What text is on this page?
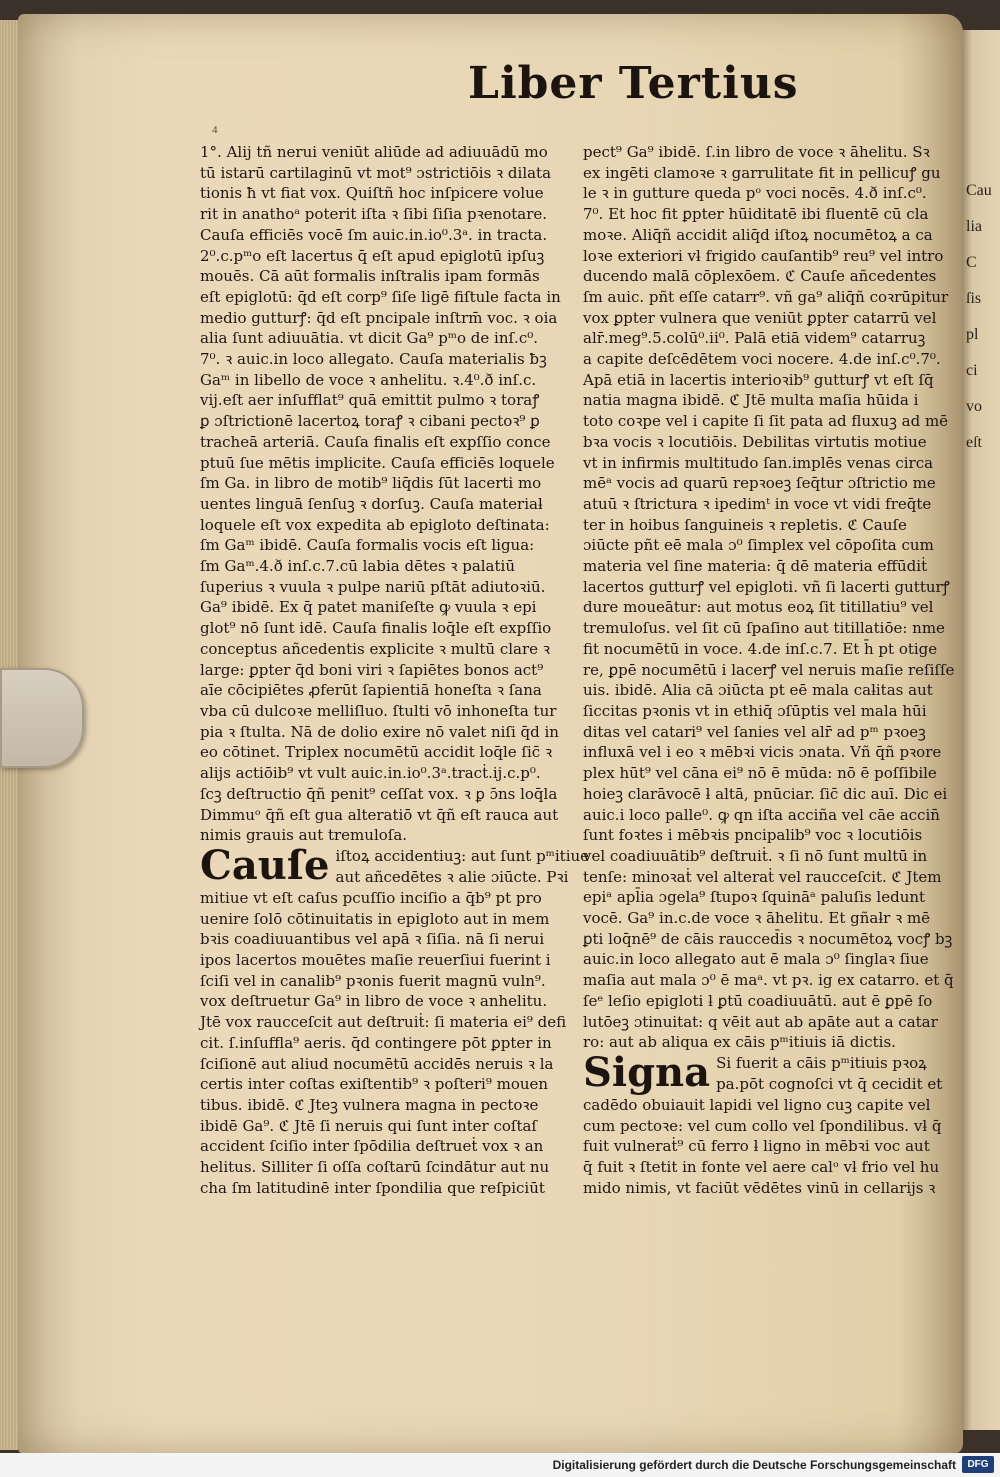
Cau
lia
C
ſis
pl
ci
vo
eſt
Liber Tertius
4
1°. Alij tñ nerui veniūt aliūde ad adiuuādū mo
tū istarū cartilaginū vt mot⁹ ɔstrictiōis ꝛ dilata
tionis ħ vt fiat vox. Quiſtñ hoc inſpicere volue
rit in anathoᵃ poterit iſta ꝛ ſibi ſiſia pꝛenotare.
Cauſa efficiēs vocē ſm auic.in.io⁰.3ᵃ. in tracta.
2⁰.c.pᵐo eſt lacertus q̄ eſt apud epiglotū ipſuꝫ
mouēs. Cā aūt formalis inſtralis ipam formās
eſt epiglotū: q̄d eſt corp⁹ ſiſe ligē fiſtule facta in
medio gutturꝭ: q̄d eſt pncipale inſtrm̄ voc. ꝛ oia
alia ſunt adiuuātia. vt dicit Ga⁹ pᵐo de inſ.c⁰.
7⁰. ꝛ auic.in loco allegato. Cauſa materialis ƀꝫ
Gaᵐ in libello de voce ꝛ anhelitu. ꝛ.4⁰.ð inſ.c.
vij.eſt aer inſufflat⁹ quā emittit pulmo ꝛ toraꝭ
ꝑ ɔſtrictionē lacertoꝝ toraꝭ ꝛ cibani pectoꝛ⁹ ꝑ
tracheā arteriā. Cauſa finalis eſt expſſio conce
ptuū ſue mētis implicite. Cauſa efficiēs loquele
ſm Ga. in libro de motib⁹ liq̄dis ſūt lacerti mo
uentes linguā ſenſuꝫ ꝛ dorſuꝫ. Cauſa materiaƚ
loquele eſt vox expedita ab epigloto deſtinata:
ſm Gaᵐ ibidē. Cauſa formalis vocis eſt ligua:
ſm Gaᵐ.4.ð inſ.c.7.cū labia dētes ꝛ palatiū
ſuperius ꝛ vuula ꝛ pulpe nariū pſtāt adiutoꝛiū.
Ga⁹ ibidē. Ex q̄ patet maniſeſte ꝙ vuula ꝛ epi
glot⁹ nō ſunt idē. Cauſa finalis loq̄le eſt expſſio
conceptus añcedentis explicite ꝛ multū clare ꝛ
large: ꝑpter q̄d boni viri ꝛ ſapiētes bonos act⁹
aīe cōcipiētes ꝓferūt ſapientiā honeſta ꝛ ſana
vba cū dulcoꝛe melliſluo. ſtulti vō inhoneſta tur
pia ꝛ ſtulta. Nā de dolio exire nō valet niſi q̄d in
eo cōtinet. Triplex nocumētū accidit loq̄le ſic̄ ꝛ
alijs actiōib⁹ vt vult auic.in.io⁰.3ᵃ.tracṫ.ij.c.p⁰.
ſcꝫ deſtructio q̄ñ penit⁹ ceſſat vox. ꝛ ꝑ ɔ̄ns loq̄la
Dimmuᵒ q̄ñ eſt gua alteratiō vt q̄ñ eſt rauca aut
nimis grauis aut tremuloſa.
Cauſe iſtoꝝ accidentiuꝫ: aut ſunt pᵐitiue
aut añcedētes ꝛ alie ɔiūcte. Pꝛi
mitiue vt eſt caſus pcuſſio inciſio a q̄b⁹ pt pro
uenire ſolō cōtinuitatis in epigloto aut in mem
bꝛis coadiuuantibus vel apā ꝛ ſiſia. nā ſi nerui
ipos lacertos mouētes maſie reuerſiui fuerint i
ſciſi vel in canalib⁹ pꝛonis fuerit magnū vuln⁹.
vox deſtruetur Ga⁹ in libro de voce ꝛ anhelitu.
Jtē vox raucceſcit aut deſtruiṫ: ſi materia ei⁹ defi
cit. ſ.inſuffla⁹ aeris. q̄d contingere pōt ꝑpter in
ſciſionē aut aliud nocumētū accidēs neruis ꝛ la
certis inter coſtas exiſtentib⁹ ꝛ poſteri⁹ mouen
tibus. ibidē. ℭ Jteꝫ vulnera magna in pectoꝛe
ibidē Ga⁹. ℭ Jtē ſi neruis qui ſunt inter coſtaſ
accident ſciſio inter ſpōdilia deſtrueṫ vox ꝛ an
helitus. Silliter ſi oſſa coſtarū ſcindātur aut nu
cha ſm latitudinē inter ſpondilia que reſpiciūt
pect⁹ Ga⁹ ibidē. ſ.in libro de voce ꝛ āhelitu. Sꝛ
ex ingēti clamoꝛe ꝛ garrulitate fit in pellicuꝭ gu
le ꝛ in gutture queda pᵒ voci nocēs. 4.ð inſ.c⁰.
7⁰. Et hoc fit ꝑpter hūiditatē ibi fluentē cū cla
moꝛe. Aliq̄ñ accidit aliq̄d iſtoꝝ nocumētoꝝ a ca
loꝛe exteriori vƚ frigido cauſantib⁹ reu⁹ vel intro
ducendo malā cōplexōem. ℭ Cauſe añcedentes
ſm auic. pñt eſſe catarr⁹. vñ ga⁹ aliq̄ñ coꝛrūpitur
vox ꝑpter vulnera que veniūt ꝑpter catarrū vel
alr̄.meg⁹.5.colū⁰.ii⁰. Palā etiā videm⁹ catarruꝫ
a capite deſcēdētem voci nocere. 4.de inſ.c⁰.7⁰.
Apā etiā in lacertis interioꝛib⁹ gutturꝭ vt eſt ſq̄
natia magna ibidē. ℭ Jtē multa maſia hūida i
toto coꝛpe vel i capite ſi ſit pata ad fluxuꝫ ad mē
bꝛa vocis ꝛ locutiōis. Debilitas virtutis motiue
vt in infirmis multitudo ſan.implēs venas circa
mēᵃ vocis ad quarū repꝛoeꝫ ſeq̄tur ɔſtrictio me
atuū ꝛ ſtrictura ꝛ ipedimᵗ in voce vt vidi freq̄te
ter in hoibus ſanguineis ꝛ repletis. ℭ Cauſe
ɔiūcte pñt eē mala ɔ⁰ ſimplex vel cōpoſita cum
materia vel ſine materia: q̄ dē materia effūdiṫ
lacertos gutturꝭ vel epigloti. vñ ſi lacerti gutturꝭ
dure moueātur: aut motus eoꝝ ſit titillatiu⁹ vel
tremuloſus. vel ſit cū ſpaſino aut titillatiōe: nme
fit nocumētū in voce. 4.de inſ.c.7. Et h̄ pt otige
re, ꝑpē nocumētū i lacerꝭ vel neruis maſie reſiſſe
uis. ibidē. Alia cā ɔiūcta pt eē mala caƚitas aut
ſiccitas pꝛonis vt in ethiq̄ ɔſūptis vel mala hūi
ditas vel catari⁹ vel ſanies vel alr̄ ad pᵐ pꝛoeꝫ
influxā vel i eo ꝛ mēbꝛi vicis ɔnata. Vñ q̄ñ pꝛore
plex hūt⁹ vel cāna ei⁹ nō ē mūda: nō ē poſſibile
hoieꝫ clarāvocē ƚ altā, pnūciar. ſic̄ dic auī. Dic ei
auic.i loco palle⁰. ꝙ qn iſta acciña vel cāe accin̄
ſunt foꝛtes i mēbꝛis pncipalib⁹ voc ꝛ locutiōis
vel coadiuuātib⁹ deſtruiṫ. ꝛ ſi nō ſunt multū in
tenſe: minoꝛaṫ vel alteraṫ vel raucceſcit. ℭ Jtem
epiᵃ apl̄ia ɔgela⁹ ſtupoꝛ ſquināᵃ paluſis ledunt
vocē. Ga⁹ in.c.de voce ꝛ āhelitu. Et gñaƚr ꝛ mē
ꝑti loq̄nē⁹ de cāis raucced̄is ꝛ nocumētoꝝ vocꝭ bꝫ
auic.in loco allegato aut ē mala ɔ⁰ ſinglaꝛ ſiue
maſia aut mala ɔ⁰ ē maᵃ. vt pꝛ. ig ex catarro. et q̄
ſeᵉ leſio epigloti ƚ ꝑtū coadiuuātū. aut ē ꝑpē ſo
lutōeꝫ ɔtinuitat: q vēit aut ab apāte aut a catar
ro: aut ab aliqua ex cāis pᵐitiuis iā dictis.
Signa Si fuerit a cāis pᵐitiuis pꝛoꝝ
pa.pōt cognoſci vt q̄ cecidit et
cadēdo obuiauit lapidi vel ligno cuꝫ capite vel
cum pectoꝛe: vel cum collo vel ſpondilibus. vƚ q̄
fuit vulneraṫ⁹ cū ferro ƚ ligno in mēbꝛi voc aut
q̄ fuit ꝛ ſtetit in fonte vel aere calᵒ vƚ frio vel hu
mido nimis, vt faciūt vēdētes vinū in cellarijs ꝛ
Digitalisierung gefördert durch die Deutsche Forschungsgemeinschaft	DFG
